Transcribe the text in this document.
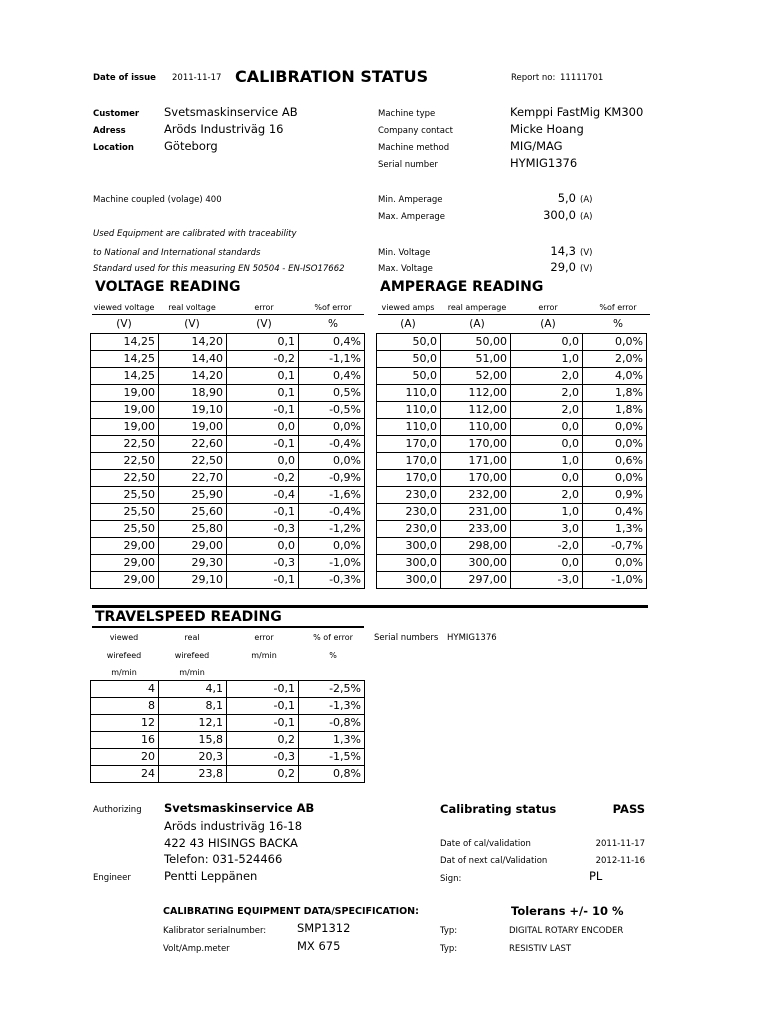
Date of issue 2011-11-17 CALIBRATION STATUS	Report no: 11111701
Customer Svetsmaskinservice AB
Adress	Aröds Industriväg 16
Location	Göteborg
Machine type	Kemppi FastMig KM300
Company contact	Micke Hoang
Machine method	MIG/MAG
Serial number	HYMIG1376
Machine coupled (volage) 400	Min. Amperage	5,0 (A)
Max. Amperage	300,0 (A)
Used Equipment are calibrated with traceability
to National and International standards
Standard used for this measuring EN 50504 - EN-ISO17662
Min. Voltage	14,3 (V)
Max. Voltage	29,0 (V)
VOLTAGE READING
viewed voltage	real voltage	error	%of error
(V)	(V)	(V)	%
14,25	14,20	0,1	0,4%
14,25	14,40	-0,2	-1,1%
14,25	14,20	0,1	0,4%
19,00	18,90	0,1	0,5%
19,00	19,10	-0,1	-0,5%
19,00	19,00	0,0	0,0%
22,50	22,60	-0,1	-0,4%
22,50	22,50	0,0	0,0%
22,50	22,70	-0,2	-0,9%
25,50	25,90	-0,4	-1,6%
25,50	25,60	-0,1	-0,4%
25,50	25,80	-0,3	-1,2%
29,00	29,00	0,0	0,0%
29,00	29,30	-0,3	-1,0%
29,00	29,10	-0,1	-0,3%
AMPERAGE READING
viewed amps	real amperage	error	%of error
(A)	(A)	(A)	%
50,0	50,00	0,0	0,0%
50,0	51,00	1,0	2,0%
50,0	52,00	2,0	4,0%
110,0	112,00	2,0	1,8%
110,0	112,00	2,0	1,8%
110,0	110,00	0,0	0,0%
170,0	170,00	0,0	0,0%
170,0	171,00	1,0	0,6%
170,0	170,00	0,0	0,0%
230,0	232,00	2,0	0,9%
230,0	231,00	1,0	0,4%
230,0	233,00	3,0	1,3%
300,0	298,00	-2,0	-0,7%
300,0	300,00	0,0	0,0%
300,0	297,00	-3,0	-1,0%
TRAVELSPEED READING
viewed	real	error	% of error	Serial numbers HYMIG1376
wirefeed	wirefeed	m/min	%
m/min	m/min
4	4,1	-0,1	-2,5%
8	8,1	-0,1	-1,3%
12	12,1	-0,1	-0,8%
16	15,8	0,2	1,3%
20	20,3	-0,3	-1,5%
24	23,8	0,2	0,8%
Authorizing Svetsmaskinservice AB
Aröds industriväg 16-18
422 43 HISINGS BACKA
Telefon: 031-524466
Engineer	Pentti Leppänen
Calibrating status	PASS
Date of cal/validation	2011-11-17
Dat of next cal/Validation	2012-11-16
Sign:	PL
CALIBRATING EQUIPMENT DATA/SPECIFICATION:	Tolerans +/- 10 %
Kalibrator serialnumber:	SMP1312	Typ:	DIGITAL ROTARY ENCODER
Volt/Amp.meter	MX 675	Typ:	RESISTIV LAST
